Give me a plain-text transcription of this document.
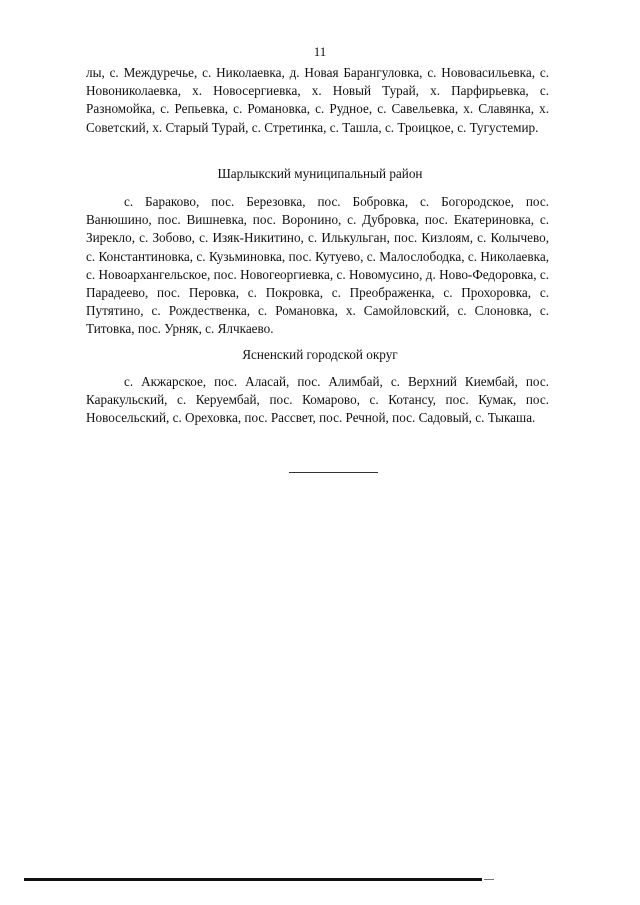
11

лы, с. Междуречье, с. Николаевка, д. Новая Барангуловка, с. Нововасильевка, с. Новониколаевка, х. Новосергиевка, х. Новый Турай, х. Парфирьевка, с. Разномойка, с. Репьевка, с. Романовка, с. Рудное, с. Савельевка, х. Славянка, х. Советский, х. Старый Турай, с. Стретинка, с. Ташла, с. Троицкое, с. Тугустемир.

Шарлыкский муниципальный район

с. Бараково, пос. Березовка, пос. Бобровка, с. Богородское, пос. Ванюшино, пос. Вишневка, пос. Воронино, с. Дубровка, пос. Екатериновка, с. Зирекло, с. Зобово, с. Изяк-Никитино, с. Илькульган, пос. Кизлоям, с. Колычево, с. Константиновка, с. Кузьминовка, пос. Кутуево, с. Малослободка, с. Николаевка, с. Новоархангельское, пос. Новогеоргиевка, с. Новомусино, д. Ново-Федоровка, с. Парадеево, пос. Перовка, с. Покровка, с. Преображенка, с. Прохоровка, с. Путятино, с. Рождественка, с. Романовка, х. Самойловский, с. Слоновка, с. Титовка, пос. Урняк, с. Ялчкаево.

Ясненский городской округ

с. Акжарское, пос. Аласай, пос. Алимбай, с. Верхний Киембай, пос. Каракульский, с. Керуембай, пос. Комарово, с. Котансу, пос. Кумак, пос. Новосельский, с. Ореховка, пос. Рассвет, пос. Речной, пос. Садовый, с. Тыкаша.
